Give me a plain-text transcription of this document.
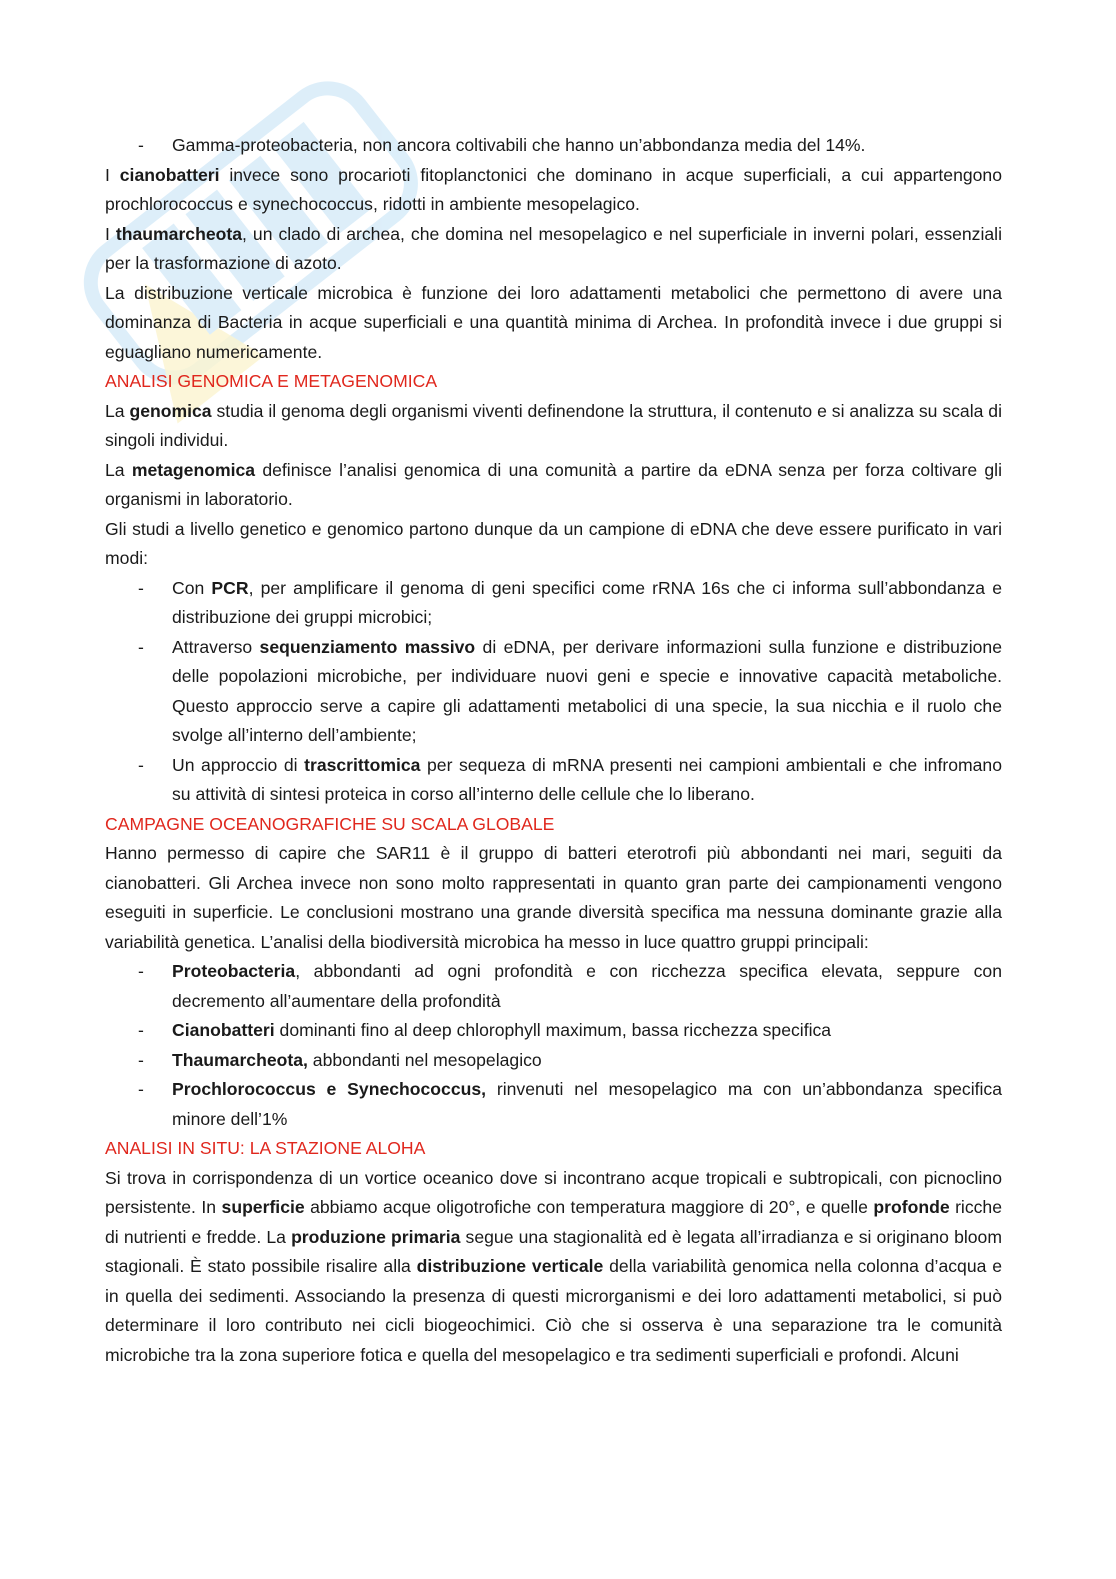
- Gamma-proteobacteria, non ancora coltivabili che hanno un’abbondanza media del 14%.
I cianobatteri invece sono procarioti fitoplanctonici che dominano in acque superficiali, a cui appartengono prochlorococcus e synechococcus, ridotti in ambiente mesopelagico.
I thaumarcheota, un clado di archea, che domina nel mesopelagico e nel superficiale in inverni polari, essenziali per la trasformazione di azoto.
La distribuzione verticale microbica è funzione dei loro adattamenti metabolici che permettono di avere una dominanza di Bacteria in acque superficiali e una quantità minima di Archea. In profondità invece i due gruppi si eguagliano numericamente.
ANALISI GENOMICA E METAGENOMICA
La genomica studia il genoma degli organismi viventi definendone la struttura, il contenuto e si analizza su scala di singoli individui.
La metagenomica definisce l’analisi genomica di una comunità a partire da eDNA senza per forza coltivare gli organismi in laboratorio.
Gli studi a livello genetico e genomico partono dunque da un campione di eDNA che deve essere purificato in vari modi:
- Con PCR, per amplificare il genoma di geni specifici come rRNA 16s che ci informa sull’abbondanza e distribuzione dei gruppi microbici;
- Attraverso sequenziamento massivo di eDNA, per derivare informazioni sulla funzione e distribuzione delle popolazioni microbiche, per individuare nuovi geni e specie e innovative capacità metaboliche. Questo approccio serve a capire gli adattamenti metabolici di una specie, la sua nicchia e il ruolo che svolge all’interno dell’ambiente;
- Un approccio di trascrittomica per sequeza di mRNA presenti nei campioni ambientali e che infromano su attività di sintesi proteica in corso all’interno delle cellule che lo liberano.
CAMPAGNE OCEANOGRAFICHE SU SCALA GLOBALE
Hanno permesso di capire che SAR11 è il gruppo di batteri eterotrofi più abbondanti nei mari, seguiti da cianobatteri. Gli Archea invece non sono molto rappresentati in quanto gran parte dei campionamenti vengono eseguiti in superficie. Le conclusioni mostrano una grande diversità specifica ma nessuna dominante grazie alla variabilità genetica. L’analisi della biodiversità microbica ha messo in luce quattro gruppi principali:
- Proteobacteria, abbondanti ad ogni profondità e con ricchezza specifica elevata, seppure con decremento all’aumentare della profondità
- Cianobatteri dominanti fino al deep chlorophyll maximum, bassa ricchezza specifica
- Thaumarcheota, abbondanti nel mesopelagico
- Prochlorococcus e Synechococcus, rinvenuti nel mesopelagico ma con un’abbondanza specifica minore dell’1%
ANALISI IN SITU: LA STAZIONE ALOHA
Si trova in corrispondenza di un vortice oceanico dove si incontrano acque tropicali e subtropicali, con picnoclino persistente. In superficie abbiamo acque oligotrofiche con temperatura maggiore di 20°, e quelle profonde ricche di nutrienti e fredde. La produzione primaria segue una stagionalità ed è legata all’irradianza e si originano bloom stagionali. È stato possibile risalire alla distribuzione verticale della variabilità genomica nella colonna d’acqua e in quella dei sedimenti. Associando la presenza di questi microrganismi e dei loro adattamenti metabolici, si può determinare il loro contributo nei cicli biogeochimici. Ciò che si osserva è una separazione tra le comunità microbiche tra la zona superiore fotica e quella del mesopelagico e tra sedimenti superficiali e profondi. Alcuni
